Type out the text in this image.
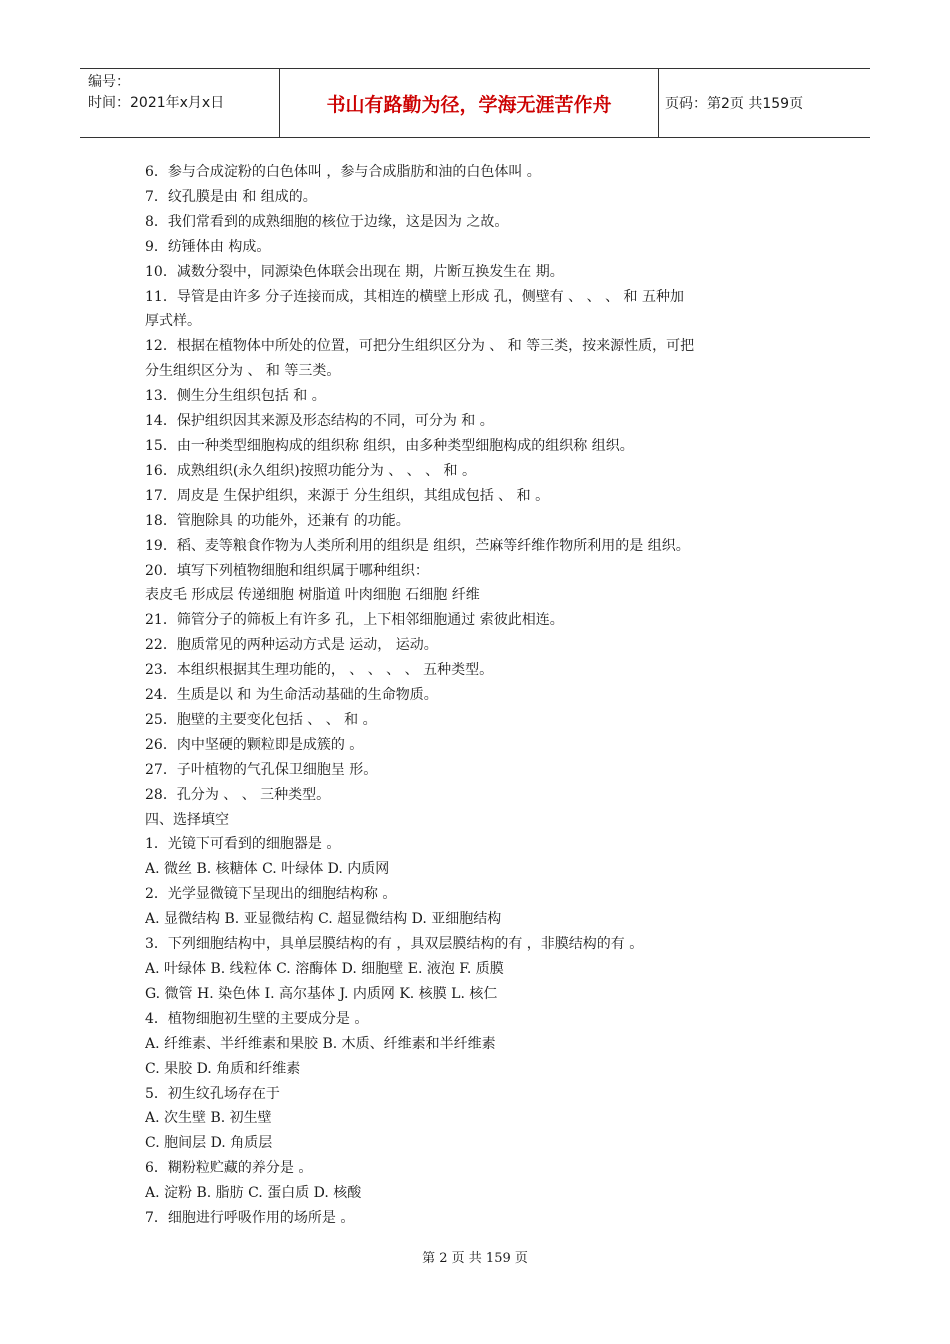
编号：
时间：2021年x月x日	书山有路勤为径，学海无涯苦作舟	页码：第2页 共159页
6．参与合成淀粉的白色体叫 ，参与合成脂肪和油的白色体叫 。
7．纹孔膜是由 和 组成的。
8．我们常看到的成熟细胞的核位于边缘，这是因为 之故。
9．纺锤体由 构成。
10．减数分裂中，同源染色体联会出现在 期，片断互换发生在 期。
11．导管是由许多 分子连接而成，其相连的横壁上形成 孔，侧壁有 、 、 、 和 五种加
厚式样。
12．根据在植物体中所处的位置，可把分生组织区分为 、 和 等三类，按来源性质，可把
分生组织区分为 、 和 等三类。
13．侧生分生组织包括 和 。
14．保护组织因其来源及形态结构的不同，可分为 和 。
15．由一种类型细胞构成的组织称 组织，由多种类型细胞构成的组织称 组织。
16．成熟组织(永久组织)按照功能分为 、 、 、 和 。
17．周皮是 生保护组织，来源于 分生组织，其组成包括 、 和 。
18．管胞除具 的功能外，还兼有 的功能。
19．稻、麦等粮食作物为人类所利用的组织是 组织，苎麻等纤维作物所利用的是 组织。
20．填写下列植物细胞和组织属于哪种组织：
表皮毛 形成层 传递细胞 树脂道 叶肉细胞 石细胞 纤维
21．筛管分子的筛板上有许多 孔，上下相邻细胞通过 索彼此相连。
22．胞质常见的两种运动方式是 运动， 运动。
23．本组织根据其生理功能的， 、 、 、 、 五种类型。
24．生质是以 和 为生命活动基础的生命物质。
25．胞壁的主要变化包括 、 、 和 。
26．肉中坚硬的颗粒即是成簇的 。
27．子叶植物的气孔保卫细胞呈 形。
28．孔分为 、 、 三种类型。
四、选择填空
1．光镜下可看到的细胞器是 。
A. 微丝 B. 核糖体 C. 叶绿体 D. 内质网
2．光学显微镜下呈现出的细胞结构称 。
A. 显微结构 B. 亚显微结构 C. 超显微结构 D. 亚细胞结构
3．下列细胞结构中，具单层膜结构的有 ，具双层膜结构的有 ，非膜结构的有 。
A. 叶绿体 B. 线粒体 C. 溶酶体 D. 细胞壁 E. 液泡 F. 质膜
G. 微管 H. 染色体 I. 高尔基体 J. 内质网 K. 核膜 L. 核仁
4．植物细胞初生壁的主要成分是 。
A. 纤维素、半纤维素和果胶 B. 木质、纤维素和半纤维素
C. 果胶 D. 角质和纤维素
5．初生纹孔场存在于
A. 次生壁 B. 初生壁
C. 胞间层 D. 角质层
6．糊粉粒贮藏的养分是 。
A. 淀粉 B. 脂肪 C. 蛋白质 D. 核酸
7．细胞进行呼吸作用的场所是 。
第 2 页 共 159 页
